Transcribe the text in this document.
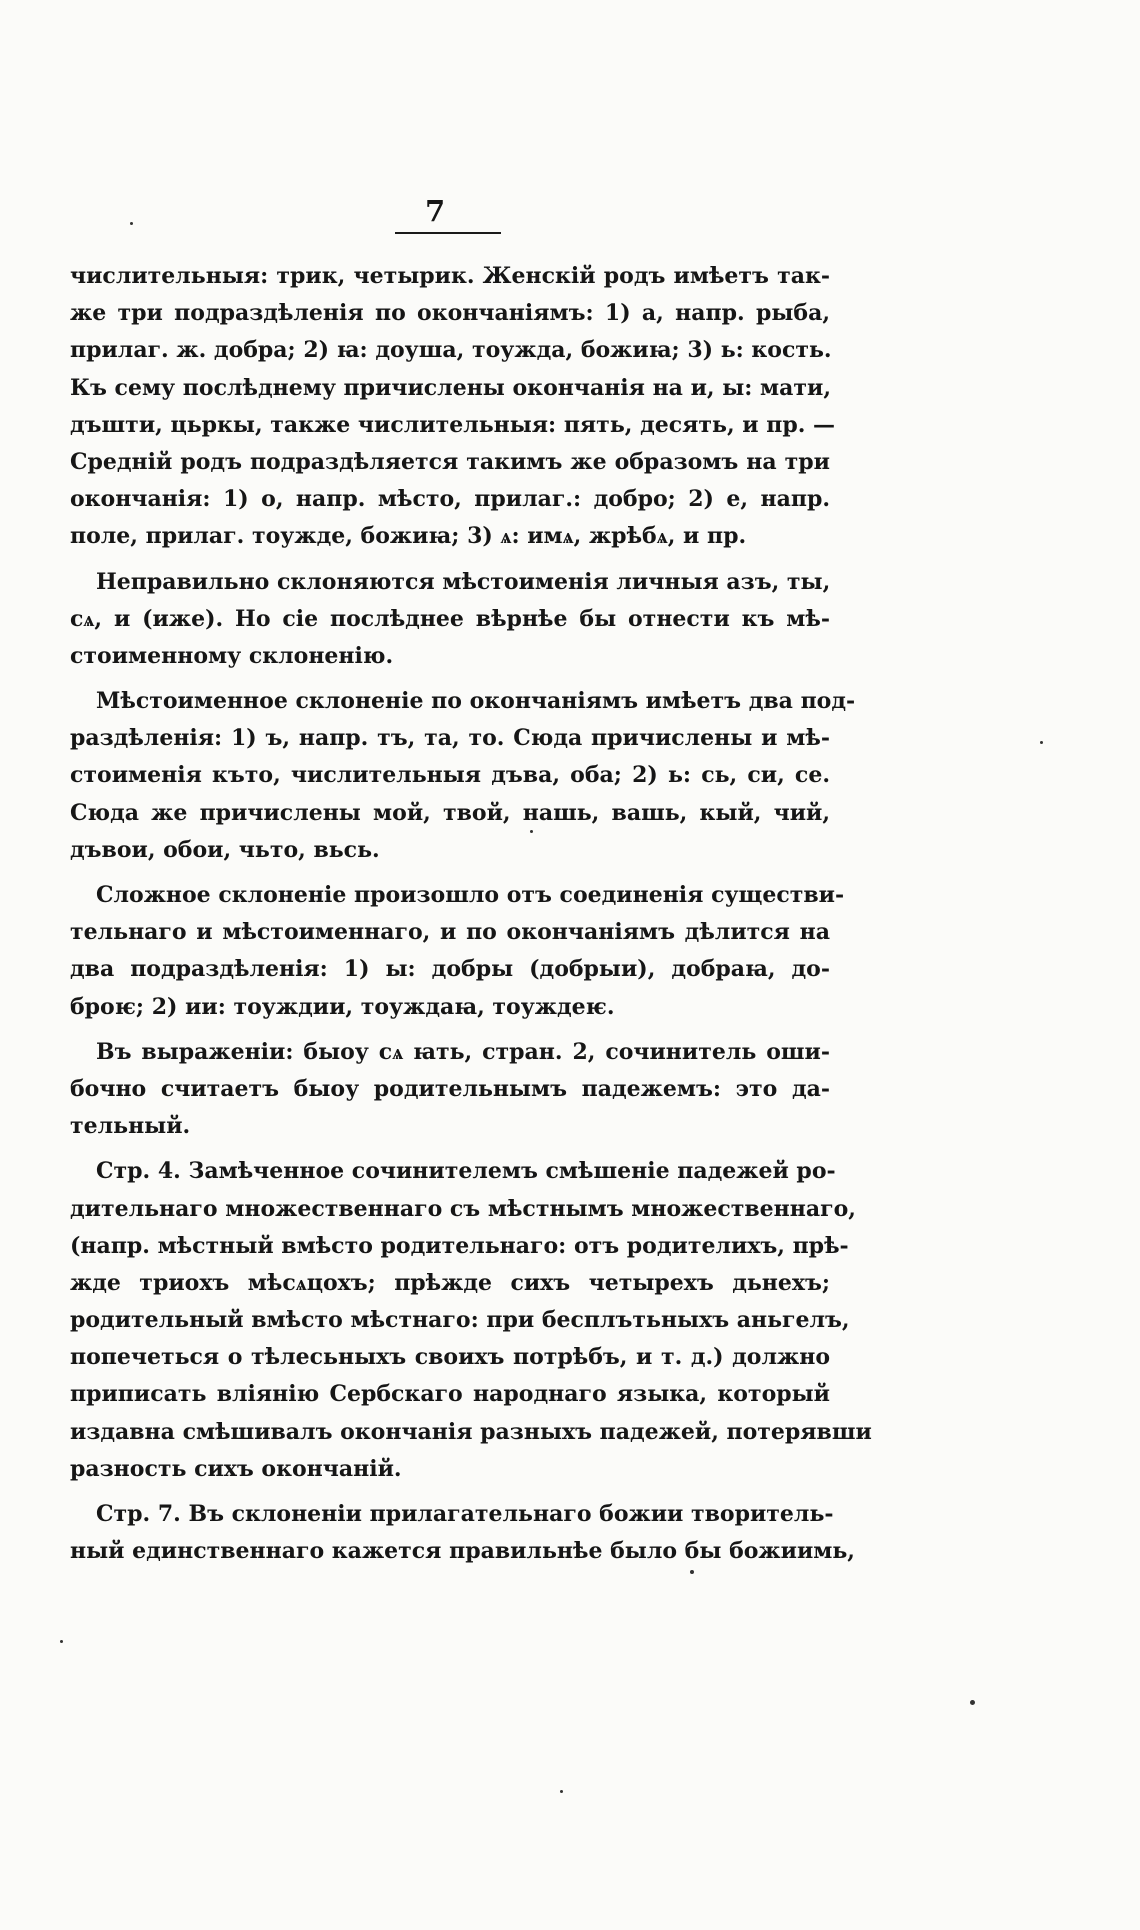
7
числительныя: трик, четырик. Женскій родъ имѣетъ так-
же три подраздѣленія по окончаніямъ: 1) а, напр. рыба,
прилаг. ж. добра; 2) ꙗ: доуша, тоужда, божиꙗ; 3) ь: кость.
Къ сему послѣднему причислены окончанія на и, ы: мати,
дъшти, цьркы, также числительныя: пять, десять, и пр. —
Средній родъ подраздѣляется такимъ же образомъ на три
окончанія: 1) о, напр. мѣсто, прилаг.: добро; 2) е, напр.
поле, прилаг. тоужде, божиꙗ; 3) ѧ: имѧ, жрѣбѧ, и пр.
Неправильно склоняются мѣстоименія личныя азъ, ты,
сѧ, и (иже). Но сіе послѣднее вѣрнѣе бы отнести къ мѣ-
стоименному склоненію.
Мѣстоименное склоненіе по окончаніямъ имѣетъ два под-
раздѣленія: 1) ъ, напр. тъ, та, то. Сюда причислены и мѣ-
стоименія къто, числительныя дъва, оба; 2) ь: сь, си, се.
Сюда же причислены мой, твой, нашь, вашь, кый, чий,
дъвои, обои, чьто, вьсь.
Сложное склоненіе произошло отъ соединенія существи-
тельнаго и мѣстоименнаго, и по окончаніямъ дѣлится на
два подраздѣленія: 1) ы: добры (добрыи), добраꙗ, до-
броѥ; 2) ии: тоуждии, тоуждаꙗ, тоуждеѥ.
Въ выраженіи: быоу сѧ ꙗть, стран. 2, сочинитель оши-
бочно считаетъ быоу родительнымъ падежемъ: это да-
тельный.
Стр. 4. Замѣченное сочинителемъ смѣшеніе падежей ро-
дительнаго множественнаго съ мѣстнымъ множественнаго,
(напр. мѣстный вмѣсто родительнаго: отъ родителихъ, прѣ-
жде триохъ мѣсѧцохъ; прѣжде сихъ четырехъ дьнехъ;
родительный вмѣсто мѣстнаго: при бесплътьныхъ аньгелъ,
попечеться о тѣлесьныхъ своихъ потрѣбъ, и т. д.) должно
приписать вліянію Сербскаго народнаго языка, который
издавна смѣшивалъ окончанія разныхъ падежей, потерявши
разность сихъ окончаній.
Стр. 7. Въ склоненіи прилагательнаго божии творитель-
ный единственнаго кажется правильнѣе было бы божиимь,
